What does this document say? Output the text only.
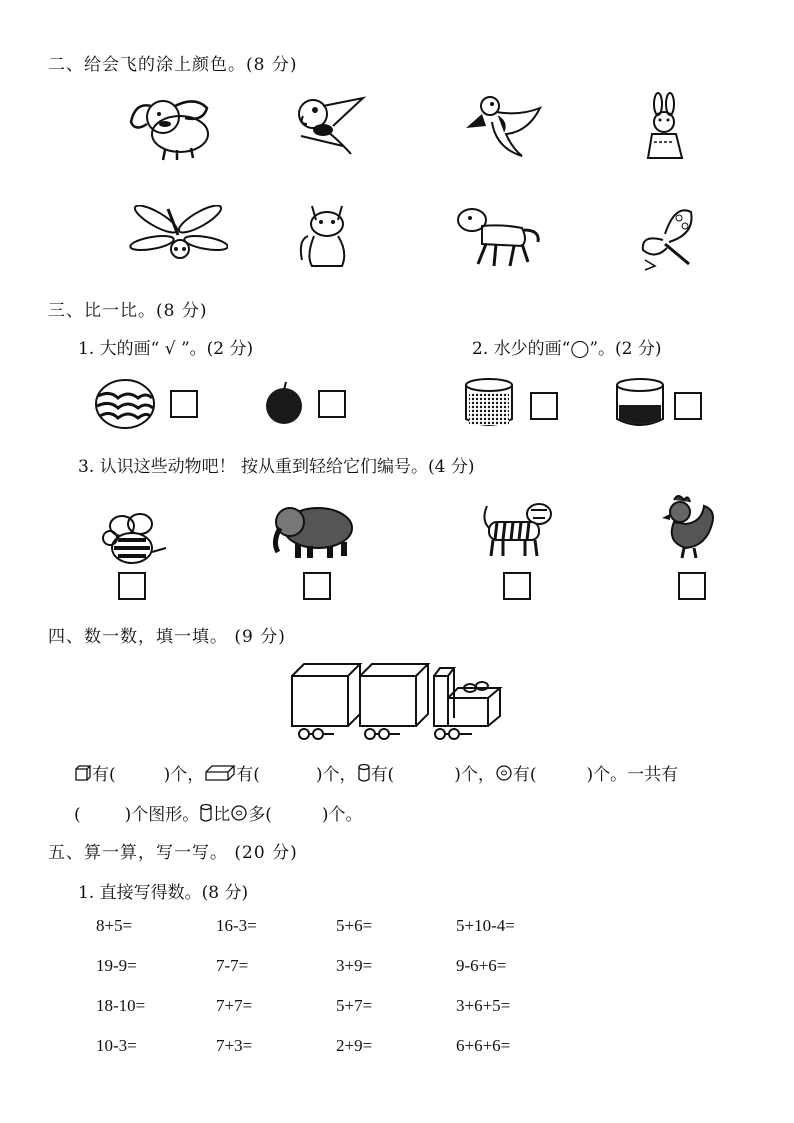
二、给会飞的涂上颜色。(8 分)
三、比一比。(8 分)
1. 大的画“ √ ”。(2 分)	2. 水少的画“◯”。(2 分)
3. 认识这些动物吧！ 按从重到轻给它们编号。(4 分)
四、数一数，填一填。 (9 分)
有(	)个， 有(	)个， 有(	)个， 有(	)个。一共有
(	)个图形。 比 多(	)个。
五、算一算，写一写。 (20 分)
1. 直接写得数。(8 分)
8+5=	16-3=	5+6=	5+10-4=
19-9=	7-7=	3+9=	9-6+6=
18-10=	7+7=	5+7=	3+6+5=
10-3=	7+3=	2+9=	6+6+6=
